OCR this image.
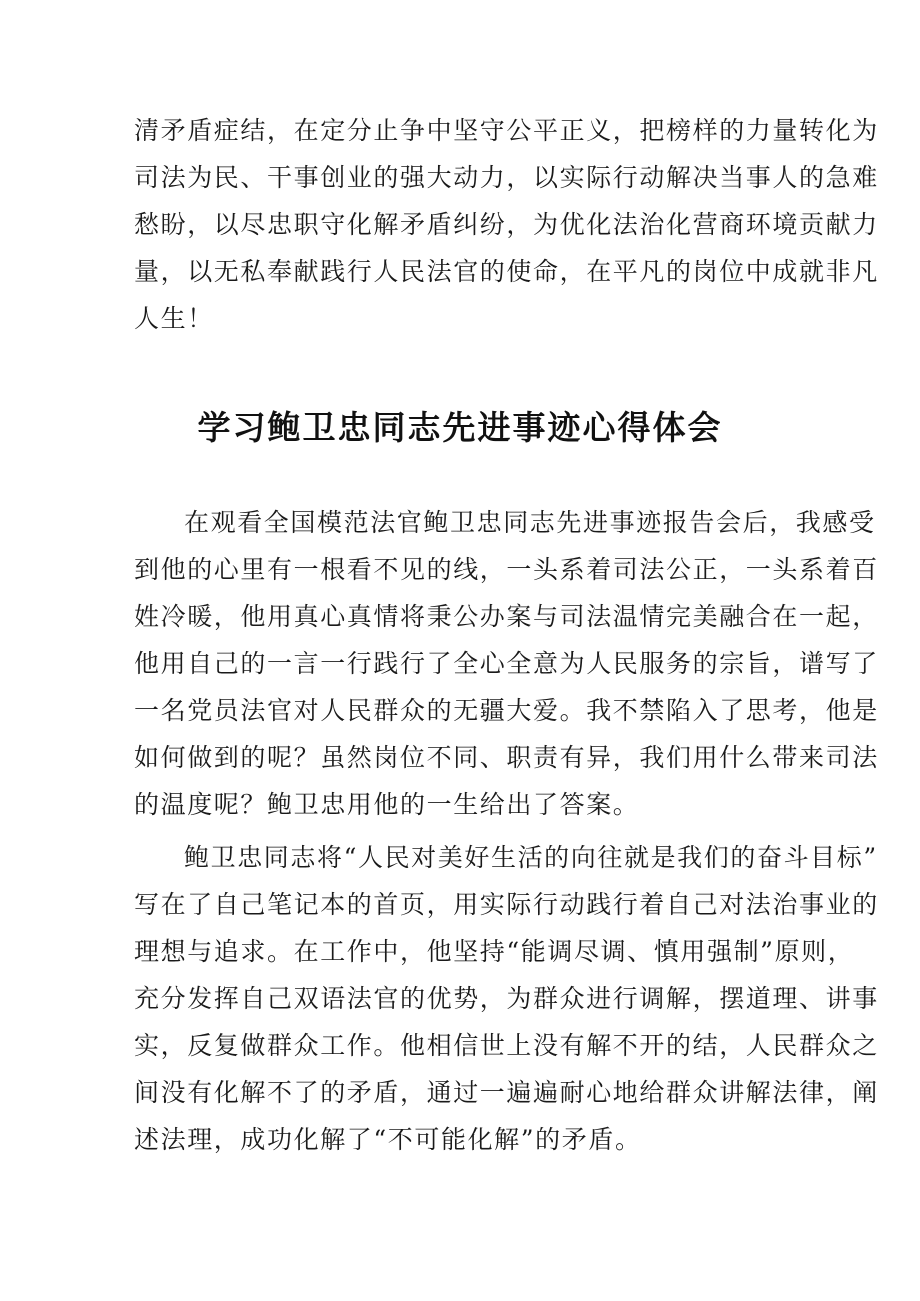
清矛盾症结，在定分止争中坚守公平正义，把榜样的力量转化为
司法为民、干事创业的强大动力，以实际行动解决当事人的急难
愁盼，以尽忠职守化解矛盾纠纷，为优化法治化营商环境贡献力
量，以无私奉献践行人民法官的使命，在平凡的岗位中成就非凡
人生！
学习鲍卫忠同志先进事迹心得体会
在观看全国模范法官鲍卫忠同志先进事迹报告会后，我感受
到他的心里有一根看不见的线，一头系着司法公正，一头系着百
姓冷暖，他用真心真情将秉公办案与司法温情完美融合在一起，
他用自己的一言一行践行了全心全意为人民服务的宗旨，谱写了
一名党员法官对人民群众的无疆大爱。我不禁陷入了思考，他是
如何做到的呢？虽然岗位不同、职责有异，我们用什么带来司法
的温度呢？鲍卫忠用他的一生给出了答案。
鲍卫忠同志将“人民对美好生活的向往就是我们的奋斗目标”
写在了自己笔记本的首页，用实际行动践行着自己对法治事业的
理想与追求。在工作中，他坚持“能调尽调、慎用强制”原则，
充分发挥自己双语法官的优势，为群众进行调解，摆道理、讲事
实，反复做群众工作。他相信世上没有解不开的结，人民群众之
间没有化解不了的矛盾，通过一遍遍耐心地给群众讲解法律，阐
述法理，成功化解了“不可能化解”的矛盾。
